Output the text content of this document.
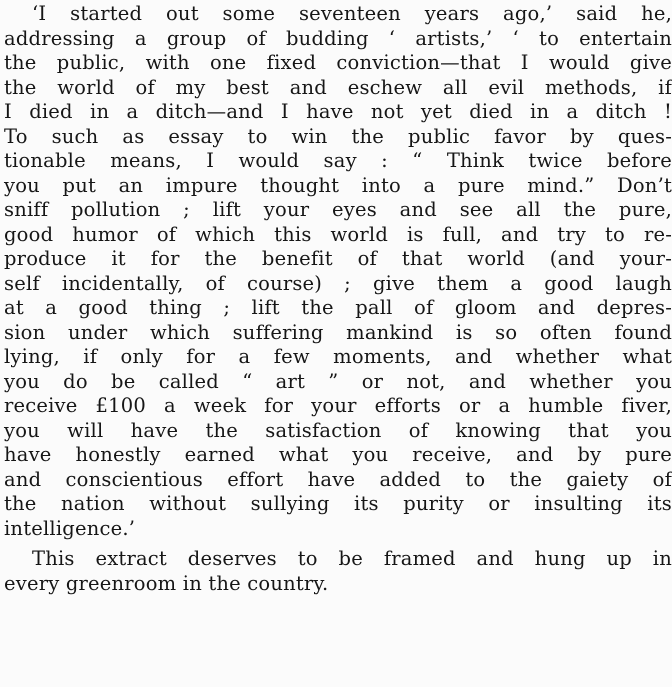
‘I started out some seventeen years ago,’ said he,
addressing a group of budding ‘ artists,’ ‘ to entertain
the public, with one fixed conviction—that I would give
the world of my best and eschew all evil methods, if
I died in a ditch—and I have not yet died in a ditch !
To such as essay to win the public favor by ques-
tionable means, I would say : “ Think twice before
you put an impure thought into a pure mind.” Don’t
sniff pollution ; lift your eyes and see all the pure,
good humor of which this world is full, and try to re-
produce it for the benefit of that world (and your-
self incidentally, of course) ; give them a good laugh
at a good thing ; lift the pall of gloom and depres-
sion under which suffering mankind is so often found
lying, if only for a few moments, and whether what
you do be called “ art ” or not, and whether you
receive £100 a week for your efforts or a humble fiver,
you will have the satisfaction of knowing that you
have honestly earned what you receive, and by pure
and conscientious effort have added to the gaiety of
the nation without sullying its purity or insulting its
intelligence.’
This extract deserves to be framed and hung up in
every greenroom in the country.
